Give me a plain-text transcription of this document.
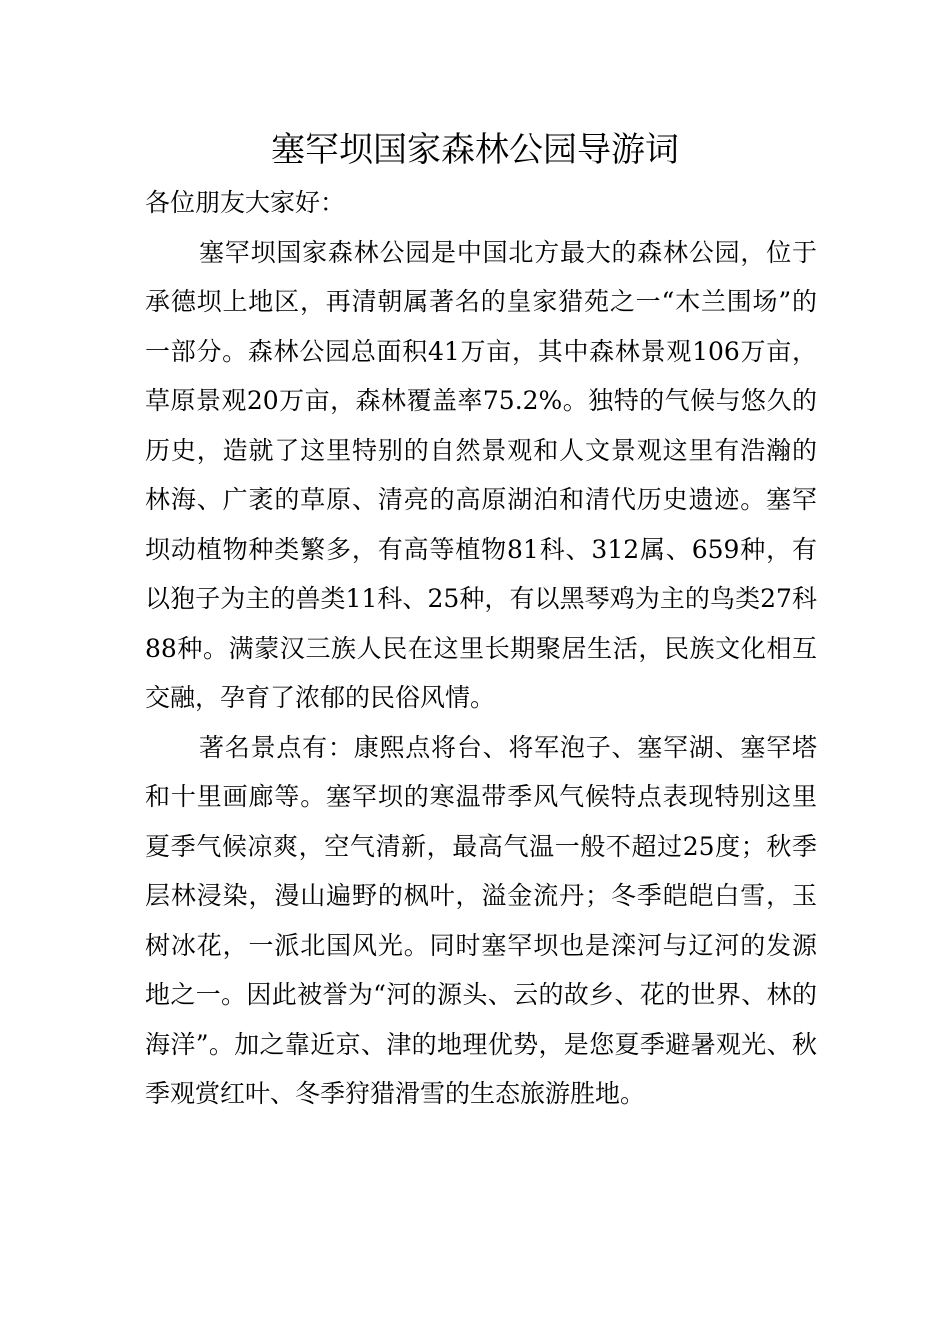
塞罕坝国家森林公园导游词

各位朋友大家好：

塞罕坝国家森林公园是中国北方最大的森林公园，位于承德坝上地区，再清朝属著名的皇家猎苑之一“木兰围场”的一部分。森林公园总面积41万亩，其中森林景观106万亩，草原景观20万亩，森林覆盖率75.2%。独特的气候与悠久的历史，造就了这里特别的自然景观和人文景观这里有浩瀚的林海、广袤的草原、清亮的高原湖泊和清代历史遗迹。塞罕坝动植物种类繁多，有高等植物81科、312属、659种，有以狍子为主的兽类11科、25种，有以黑琴鸡为主的鸟类27科88种。满蒙汉三族人民在这里长期聚居生活，民族文化相互交融，孕育了浓郁的民俗风情。

著名景点有：康熙点将台、将军泡子、塞罕湖、塞罕塔和十里画廊等。塞罕坝的寒温带季风气候特点表现特别这里夏季气候凉爽，空气清新，最高气温一般不超过25度；秋季层林浸染，漫山遍野的枫叶，溢金流丹；冬季皑皑白雪，玉树冰花，一派北国风光。同时塞罕坝也是滦河与辽河的发源地之一。因此被誉为“河的源头、云的故乡、花的世界、林的海洋”。加之靠近京、津的地理优势，是您夏季避暑观光、秋季观赏红叶、冬季狩猎滑雪的生态旅游胜地。
